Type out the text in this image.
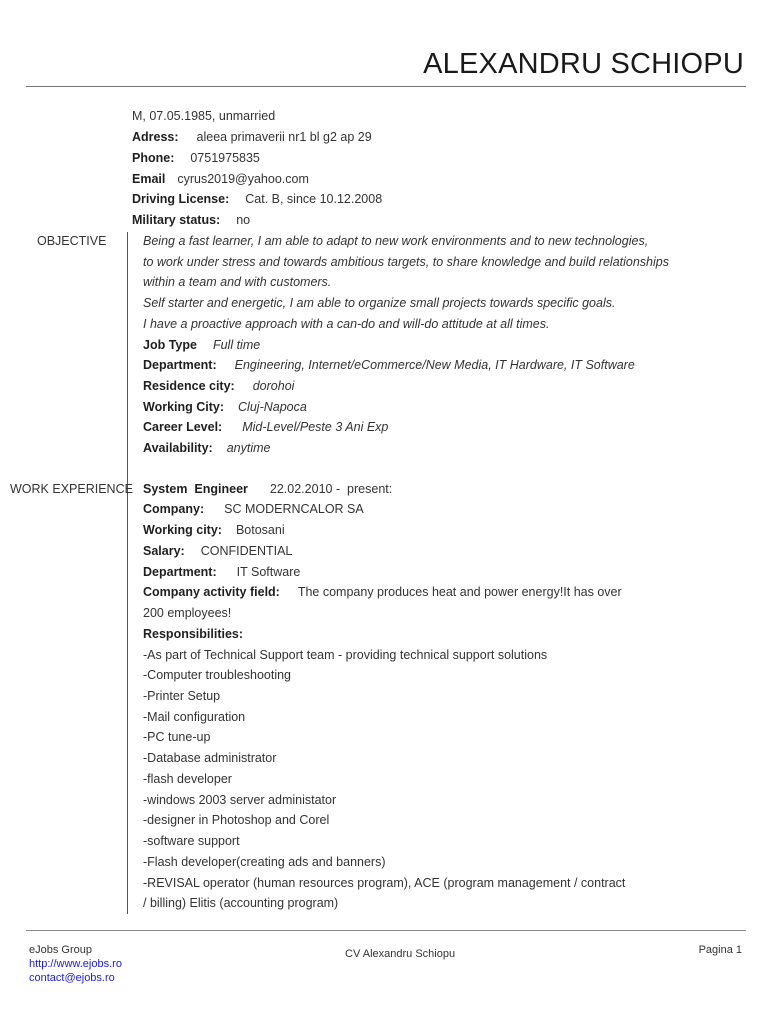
ALEXANDRU SCHIOPU
M, 07.05.1985, unmarried
Adress: aleea primaverii nr1 bl g2 ap 29
Phone: 0751975835
Email cyrus2019@yahoo.com
Driving License: Cat. B, since 10.12.2008
Military status: no
OBJECTIVE	Being a fast learner, I am able to adapt to new work environments and to new technologies,
to work under stress and towards ambitious targets, to share knowledge and build relationships
within a team and with customers.
Self starter and energetic, I am able to organize small projects towards specific goals.
I have a proactive approach with a can-do and will-do attitude at all times.
Job Type Full time
Department: Engineering, Internet/eCommerce/New Media, IT Hardware, IT Software
Residence city: dorohoi
Working City: Cluj-Napoca
Career Level: Mid-Level/Peste 3 Ani Exp
Availability: anytime
WORK EXPERIENCE System  Engineer 22.02.2010 -  present:
Company: SC MODERNCALOR SA
Working city: Botosani
Salary: CONFIDENTIAL
Department: IT Software
Company activity field: The company produces heat and power energy!It has over
200 employees!
Responsibilities:
-As part of Technical Support team - providing technical support solutions
-Computer troubleshooting
-Printer Setup
-Mail configuration
-PC tune-up
-Database administrator
-flash developer
-windows 2003 server administator
-designer in Photoshop and Corel
-software support
-Flash developer(creating ads and banners)
-REVISAL operator (human resources program), ACE (program management / contract
/ billing) Elitis (accounting program)
eJobs Group
http://www.ejobs.ro
contact@ejobs.ro
CV Alexandru Schiopu	Pagina 1
